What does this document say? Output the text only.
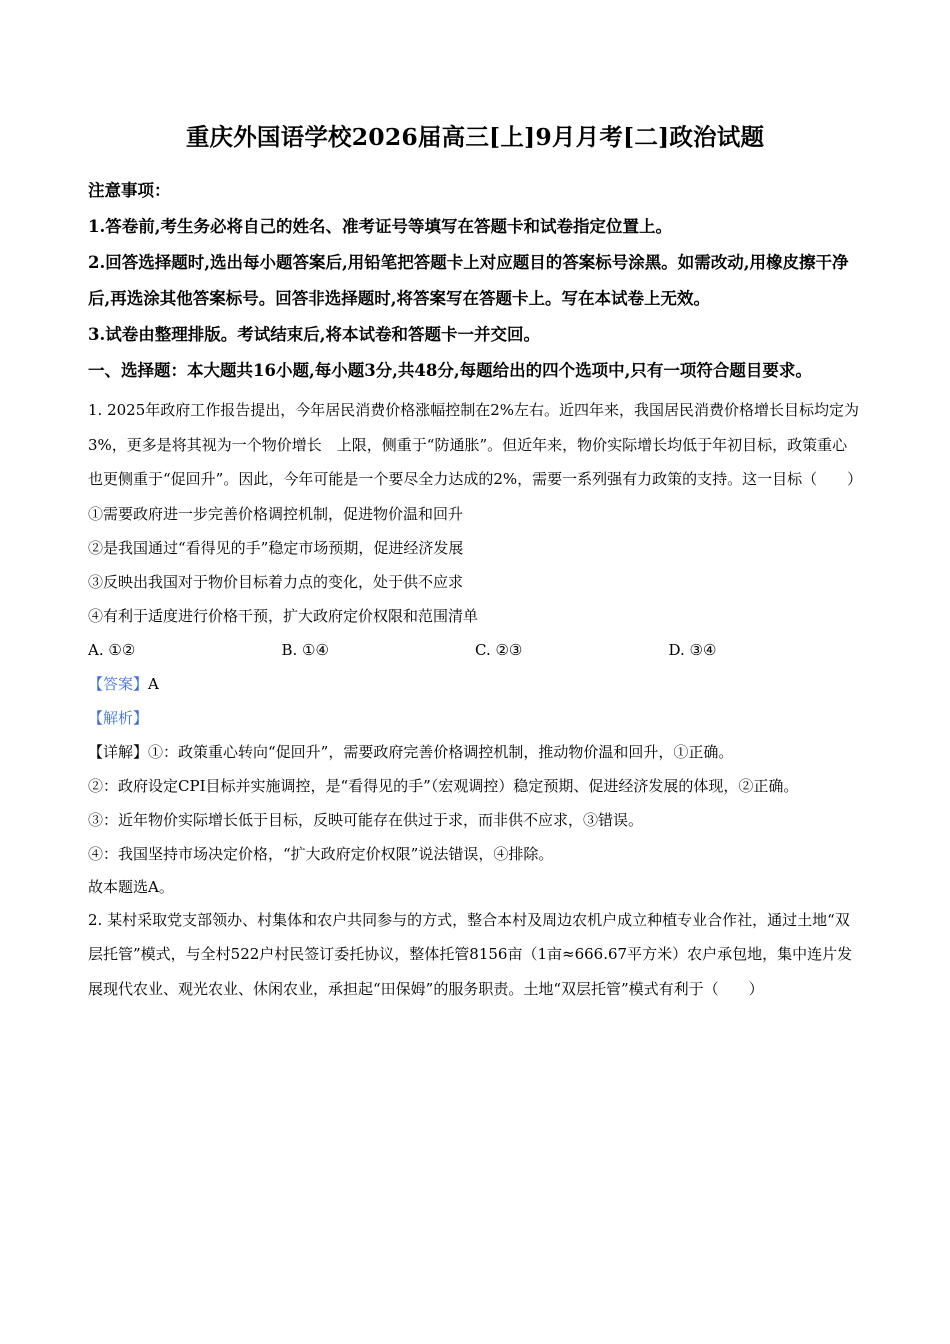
重庆外国语学校2026届高三[上]9月月考[二]政治试题

注意事项：

1.答卷前,考生务必将自己的姓名、准考证号等填写在答题卡和试卷指定位置上。

2.回答选择题时,选出每小题答案后,用铅笔把答题卡上对应题目的答案标号涂黑。如需改动,用橡皮擦干净后,再选涂其他答案标号。回答非选择题时,将答案写在答题卡上。写在本试卷上无效。

3.试卷由整理排版。考试结束后,将本试卷和答题卡一并交回。

一、选择题：本大题共16小题,每小题3分,共48分,每题给出的四个选项中,只有一项符合题目要求。

1. 2025年政府工作报告提出，今年居民消费价格涨幅控制在2%左右。近四年来，我国居民消费价格增长目标均定为3%，更多是将其视为一个物价增长　上限，侧重于“防通胀”。但近年来，物价实际增长均低于年初目标，政策重心也更侧重于“促回升”。因此，今年可能是一个要尽全力达成的2%，需要一系列强有力政策的支持。这一目标（　　）

①需要政府进一步完善价格调控机制，促进物价温和回升

②是我国通过“看得见的手”稳定市场预期，促进经济发展

③反映出我国对于物价目标着力点的变化，处于供不应求

④有利于适度进行价格干预，扩大政府定价权限和范围清单

A. ①②	B. ①④	C. ②③	D. ③④

【答案】A

【解析】

【详解】①：政策重心转向“促回升”，需要政府完善价格调控机制，推动物价温和回升，①正确。

②：政府设定CPI目标并实施调控，是“看得见的手”（宏观调控）稳定预期、促进经济发展的体现，②正确。

③：近年物价实际增长低于目标，反映可能存在供过于求，而非供不应求，③错误。

④：我国坚持市场决定价格，“扩大政府定价权限”说法错误，④排除。

故本题选A。

2. 某村采取党支部领办、村集体和农户共同参与的方式，整合本村及周边农机户成立种植专业合作社，通过土地“双层托管”模式，与全村522户村民签订委托协议，整体托管8156亩（1亩≈666.67平方米）农户承包地，集中连片发展现代农业、观光农业、休闲农业，承担起“田保姆”的服务职责。土地“双层托管”模式有利于（　　）
